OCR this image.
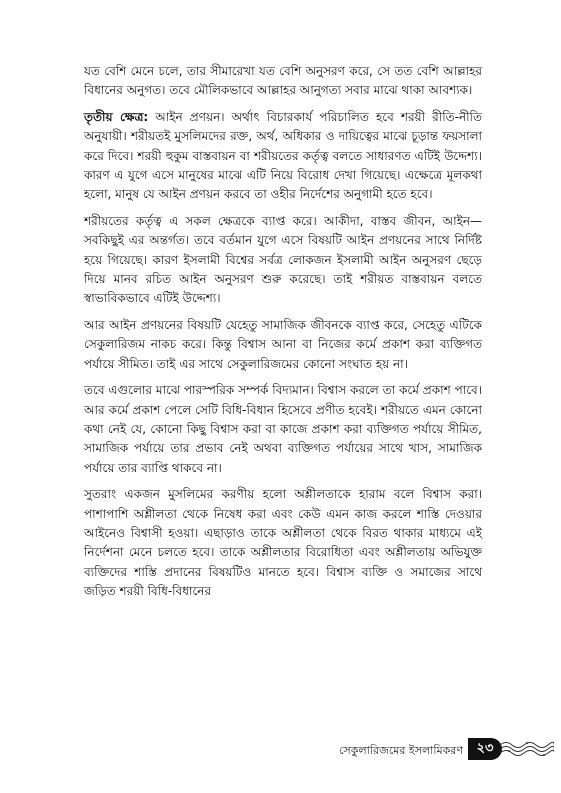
যত বেশি মেনে চলে, তার সীমারেখা যত বেশি অনুসরণ করে, সে তত বেশি আল্লাহর বিধানের অনুগত। তবে মৌলিকভাবে আল্লাহর আনুগত্য সবার মাঝে থাকা আবশ্যক।

তৃতীয় ক্ষেত্র: আইন প্রণয়ন। অর্থাৎ বিচারকার্য পরিচালিত হবে শরয়ী রীতি-নীতি অনুযায়ী। শরীয়তই মুসলিমদের রক্ত, অর্থ, অধিকার ও দায়িত্বের মাঝে চূড়ান্ত ফয়সালা করে দিবে। শরয়ী হুকুম বাস্তবায়ন বা শরীয়তের কর্তৃত্ব বলতে সাধারণত এটিই উদ্দেশ্য। কারণ এ যুগে এসে মানুষের মাঝে এটি নিয়ে বিরোধ দেখা গিয়েছে। এক্ষেত্রে মূলকথা হলো, মানুষ যে আইন প্রণয়ন করবে তা ওহীর নির্দেশের অনুগামী হতে হবে।

শরীয়তের কর্তৃত্ব এ সকল ক্ষেত্রকে ব্যাপ্ত করে। আকীদা, বাস্তব জীবন, আইন—সবকিছুই এর অন্তর্গত। তবে বর্তমান যুগে এসে বিষয়টি আইন প্রণয়নের সাথে নির্দিষ্ট হয়ে গিয়েছে। কারণ ইসলামী বিশ্বের সর্বত্র লোকজন ইসলামী আইন অনুসরণ ছেড়ে দিয়ে মানব রচিত আইন অনুসরণ শুরু করেছে। তাই শরীয়ত বাস্তবায়ন বলতে স্বাভাবিকভাবে এটিই উদ্দেশ্য।

আর আইন প্রণয়নের বিষয়টি যেহেতু সামাজিক জীবনকে ব্যাপ্ত করে, সেহেতু এটিকে সেকুলারিজম নাকচ করে। কিন্তু বিশ্বাস আনা বা নিজের কর্মে প্রকাশ করা ব্যক্তিগত পর্যায়ে সীমিত। তাই এর সাথে সেকুলারিজমের কোনো সংঘাত হয় না।

তবে এগুলোর মাঝে পারস্পরিক সম্পর্ক বিদ্যমান। বিশ্বাস করলে তা কর্মে প্রকাশ পাবে। আর কর্মে প্রকাশ পেলে সেটি বিধি-বিধান হিসেবে প্রণীত হবেই। শরীয়তে এমন কোনো কথা নেই যে, কোনো কিছু বিশ্বাস করা বা কাজে প্রকাশ করা ব্যক্তিগত পর্যায়ে সীমিত, সামাজিক পর্যায়ে তার প্রভাব নেই অথবা ব্যক্তিগত পর্যায়ের সাথে খাস, সামাজিক পর্যায়ে তার ব্যাপ্তি থাকবে না।

সুতরাং একজন মুসলিমের করণীয় হলো অশ্লীলতাকে হারাম বলে বিশ্বাস করা। পাশাপাশি অশ্লীলতা থেকে নিষেধ করা এবং কেউ এমন কাজ করলে শাস্তি দেওয়ার আইনেও বিশ্বাসী হওয়া। এছাড়াও তাকে অশ্লীলতা থেকে বিরত থাকার মাধ্যমে এই নির্দেশনা মেনে চলতে হবে। তাকে অশ্লীলতার বিরোধিতা এবং অশ্লীলতায় অভিযুক্ত ব্যক্তিদের শাস্তি প্রদানের বিষয়টিও মানতে হবে। বিশ্বাস ব্যক্তি ও সমাজের সাথে জড়িত শরয়ী বিধি-বিধানের

সেকুলারিজমের ইসলামিকরণ	২৩
